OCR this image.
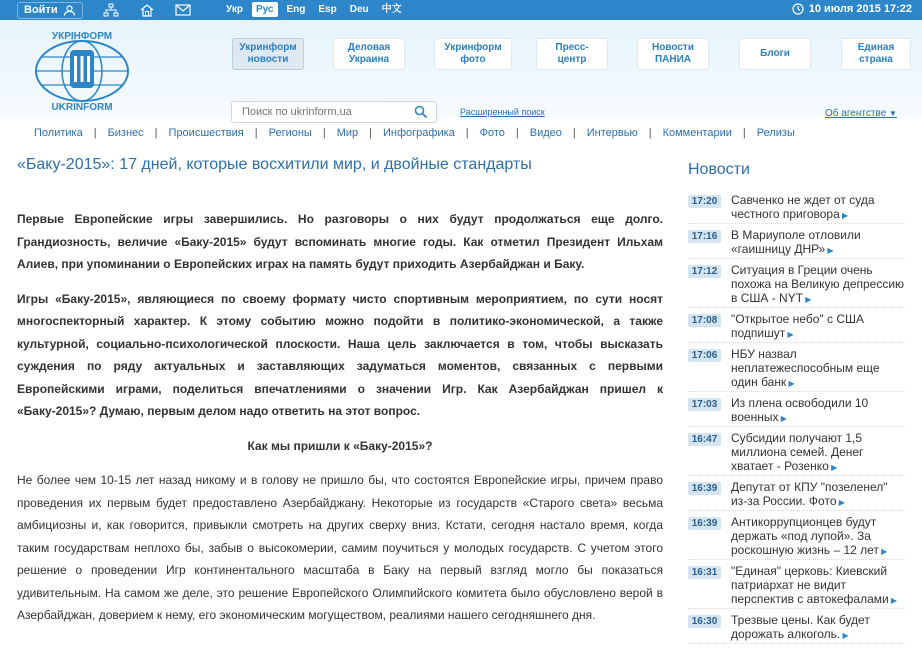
Войти	Укр	Рус	Eng	Esp	Deu	中文	10 июля 2015 17:22
УКРІНФОРМ
UKRINFORM
Укринформ
новости
Деловая
Украина
Укринформ
фото
Пресс-
центр
Новости
ПАНИА
Блоги
Единая
страна
Поиск по ukrinform.ua
Расширенный поиск	Об агентстве ▼
Политика | Бизнес | Происшествия | Регионы | Мир | Инфографика | Фото | Видео | Интервью | Комментарии | Релизы
«Баку-2015»: 17 дней, которые восхитили мир, и двойные стандарты

Первые Европейские игры завершились. Но разговоры о них будут продолжаться еще долго. Грандиозность, величие «Баку-2015» будут вспоминать многие годы. Как отметил Президент Ильхам Алиев, при упоминании о Европейских играх на память будут приходить Азербайджан и Баку.

Игры «Баку-2015», являющиеся по своему формату чисто спортивным мероприятием, по сути носят многоспекторный характер. К этому событию можно подойти в политико-экономической, а также культурной, социально-психологической плоскости. Наша цель заключается в том, чтобы высказать суждения по ряду актуальных и заставляющих задуматься моментов, связанных с первыми Европейскими играми, поделиться впечатлениями о значении Игр. Как Азербайджан пришел к «Баку-2015»? Думаю, первым делом надо ответить на этот вопрос.

Как мы пришли к «Баку-2015»?

Не более чем 10-15 лет назад никому и в голову не пришло бы, что состоятся Европейские игры, причем право проведения их первым будет предоставлено Азербайджану. Некоторые из государств «Старого света» весьма амбициозны и, как говорится, привыкли смотреть на других сверху вниз. Кстати, сегодня настало время, когда таким государствам неплохо бы, забыв о высокомерии, самим поучиться у молодых государств. С учетом этого решение о проведении Игр континентального масштаба в Баку на первый взгляд могло бы показаться удивительным. На самом же деле, это решение Европейского Олимпийского комитета было обусловлено верой в Азербайджан, доверием к нему, его экономическим могуществом, реалиями нашего сегодняшнего дня.

Новости
17:20	Савченко не ждет от суда честного приговора ▶
17:16	В Мариуполе отловили «гаишницу ДНР» ▶
17:12	Ситуация в Греции очень похожа на Великую депрессию в США - NYT ▶
17:08	"Открытое небо" с США подпишут ▶
17:06	НБУ назвал неплатежеспособным еще один банк ▶
17:03	Из плена освободили 10 военных ▶
16:47	Субсидии получают 1,5 миллиона семей. Денег хватает - Розенко ▶
16:39	Депутат от КПУ "позеленел" из-за России. Фото ▶
16:39	Антикоррупционцев будут держать «под лупой». За роскошную жизнь – 12 лет ▶
16:31	"Единая" церковь: Киевский патриархат не видит перспектив с автокефалами ▶
16:30	Трезвые цены. Как будет дорожать алкоголь. ▶
